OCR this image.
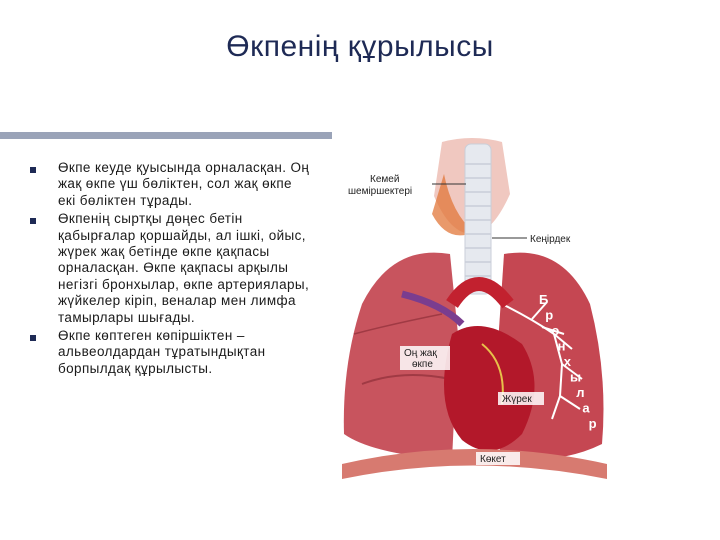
Өкпенің құрылысы
Өкпе кеуде қуысында орналасқан. Оң жақ өкпе үш бөліктен, сол жақ өкпе екі бөліктен тұрады.
Өкпенің сыртқы дөңес бетін қабырғалар қоршайды, ал ішкі, ойыс, жүрек жақ бетінде өкпе қақпасы орналасқан. Өкпе қақпасы арқылы негізгі бронхылар, өкпе артериялары, жүйкелер кіріп, веналар мен лимфа тамырлары шығады.
Өкпе көптеген көпіршіктен – альвеолдардан тұратындықтан борпылдақ құрылысты.
Кемей
шеміршектері
Кеңірдек
Оң жақ
өкпе
Жүрек
Көкет
Б
р
о
н
х
ы
л
а
р
